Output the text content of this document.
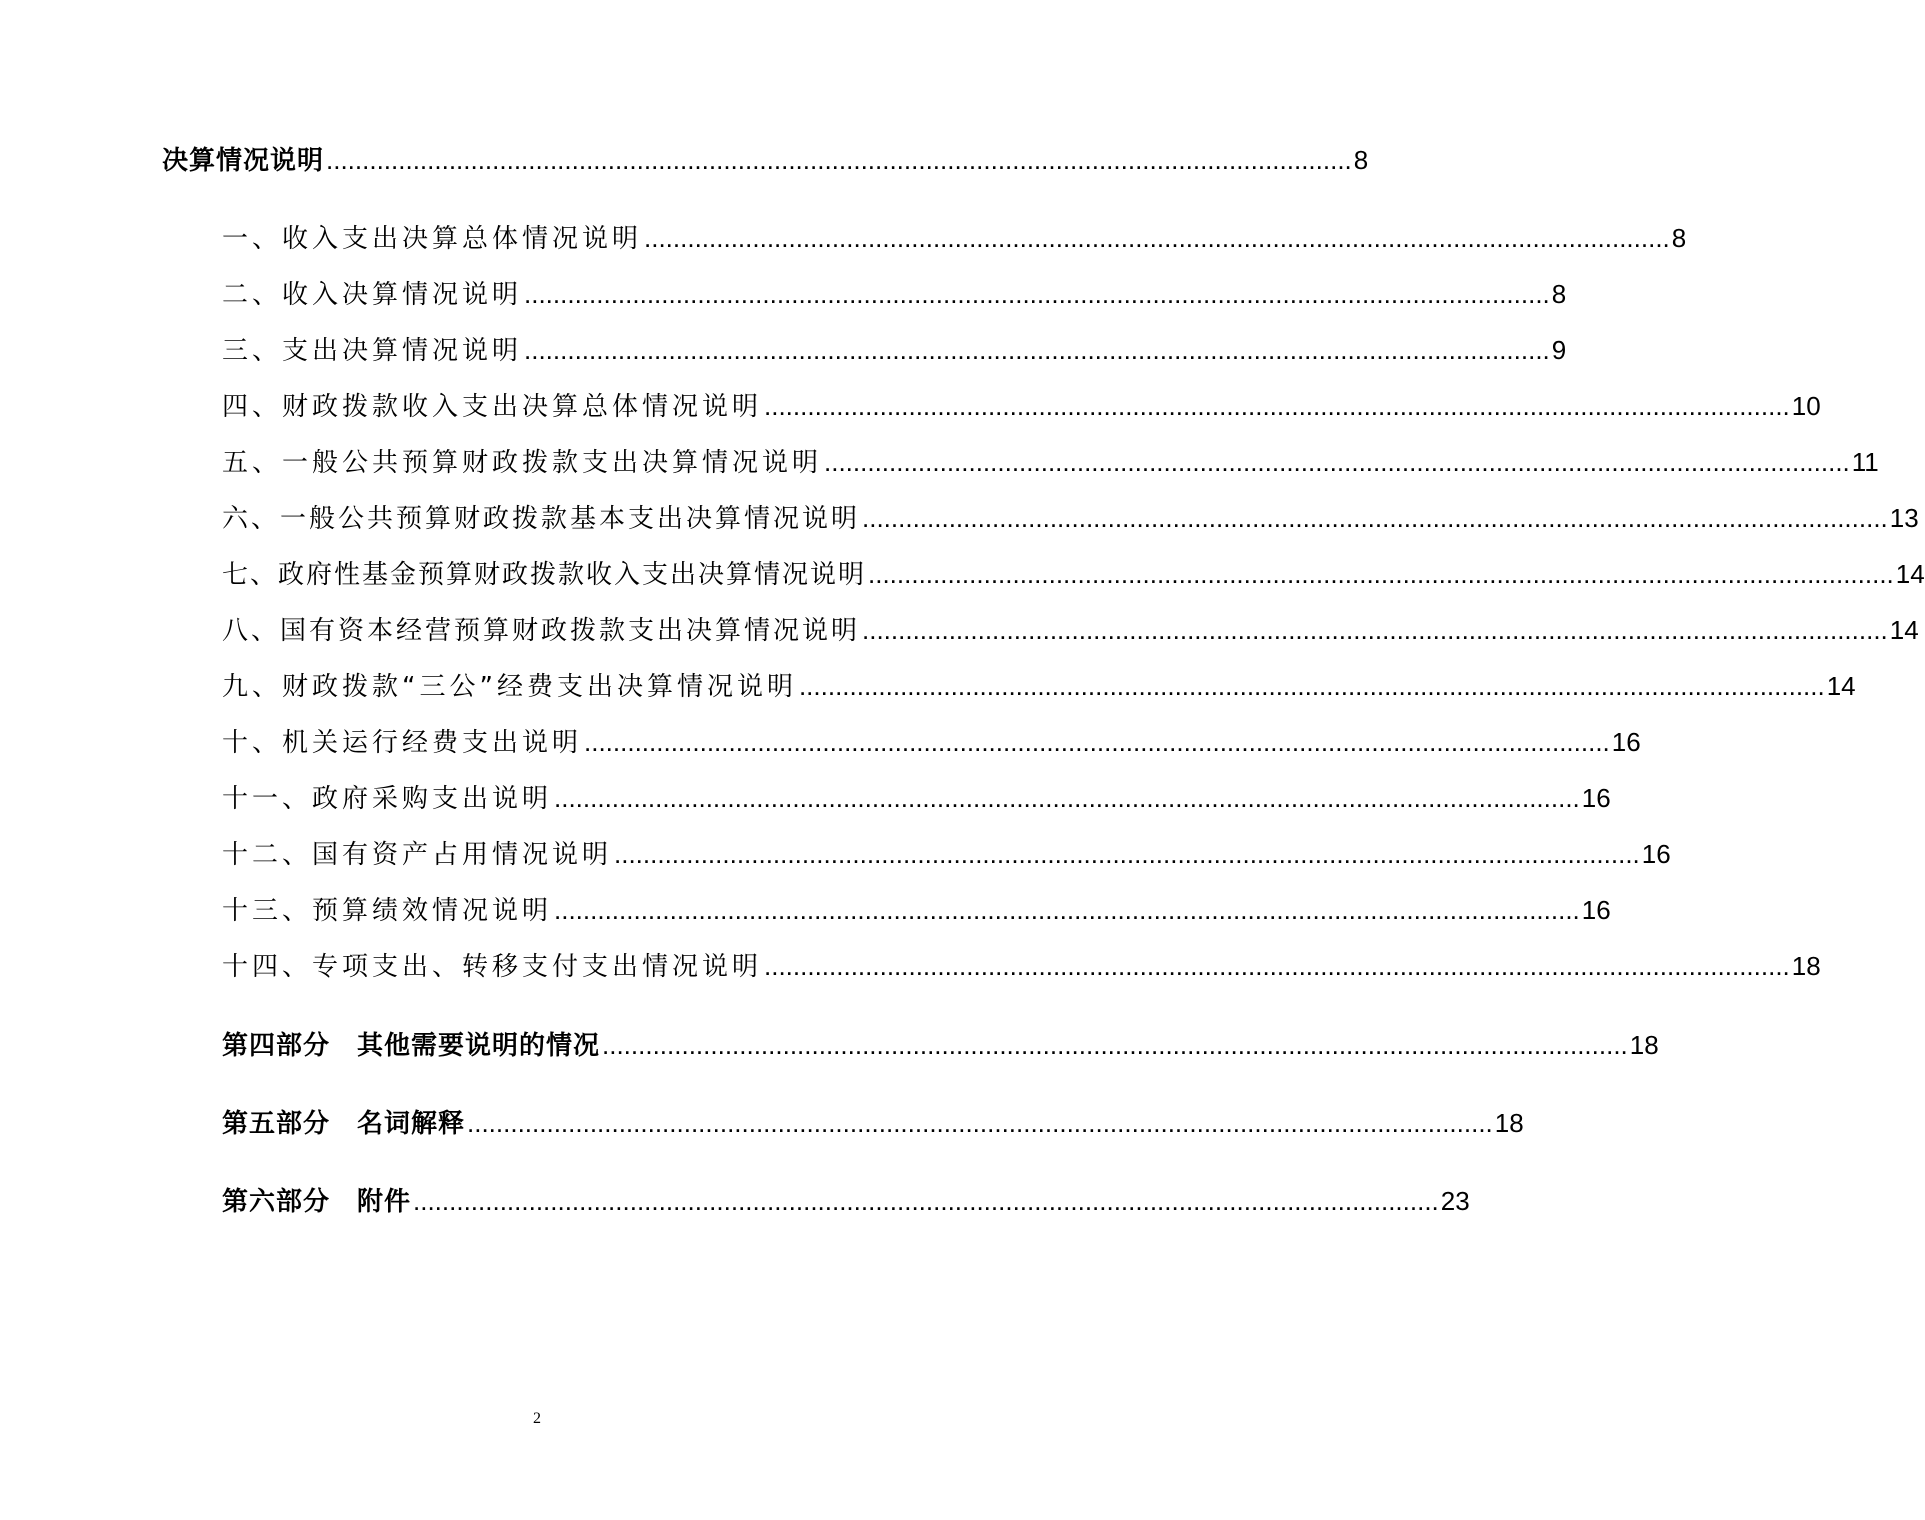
决算情况说明 .............................................................................................................................................. 8
一、收入支出决算总体情况说明 .............................................................................................................................................. 8
二、收入决算情况说明 .............................................................................................................................................. 8
三、支出决算情况说明 .............................................................................................................................................. 9
四、财政拨款收入支出决算总体情况说明 .............................................................................................................................................. 10
五、一般公共预算财政拨款支出决算情况说明 .............................................................................................................................................. 11
六、一般公共预算财政拨款基本支出决算情况说明 .............................................................................................................................................. 13
七、政府性基金预算财政拨款收入支出决算情况说明 .............................................................................................................................................. 14
八、国有资本经营预算财政拨款支出决算情况说明 .............................................................................................................................................. 14
九、财政拨款“三公”经费支出决算情况说明 .............................................................................................................................................. 14
十、机关运行经费支出说明 .............................................................................................................................................. 16
十一、政府采购支出说明 .............................................................................................................................................. 16
十二、国有资产占用情况说明 .............................................................................................................................................. 16
十三、预算绩效情况说明 .............................................................................................................................................. 16
十四、专项支出、转移支付支出情况说明 .............................................................................................................................................. 18
第四部分　其他需要说明的情况 .............................................................................................................................................. 18
第五部分　名词解释 .............................................................................................................................................. 18
第六部分　附件 .............................................................................................................................................. 23
2
